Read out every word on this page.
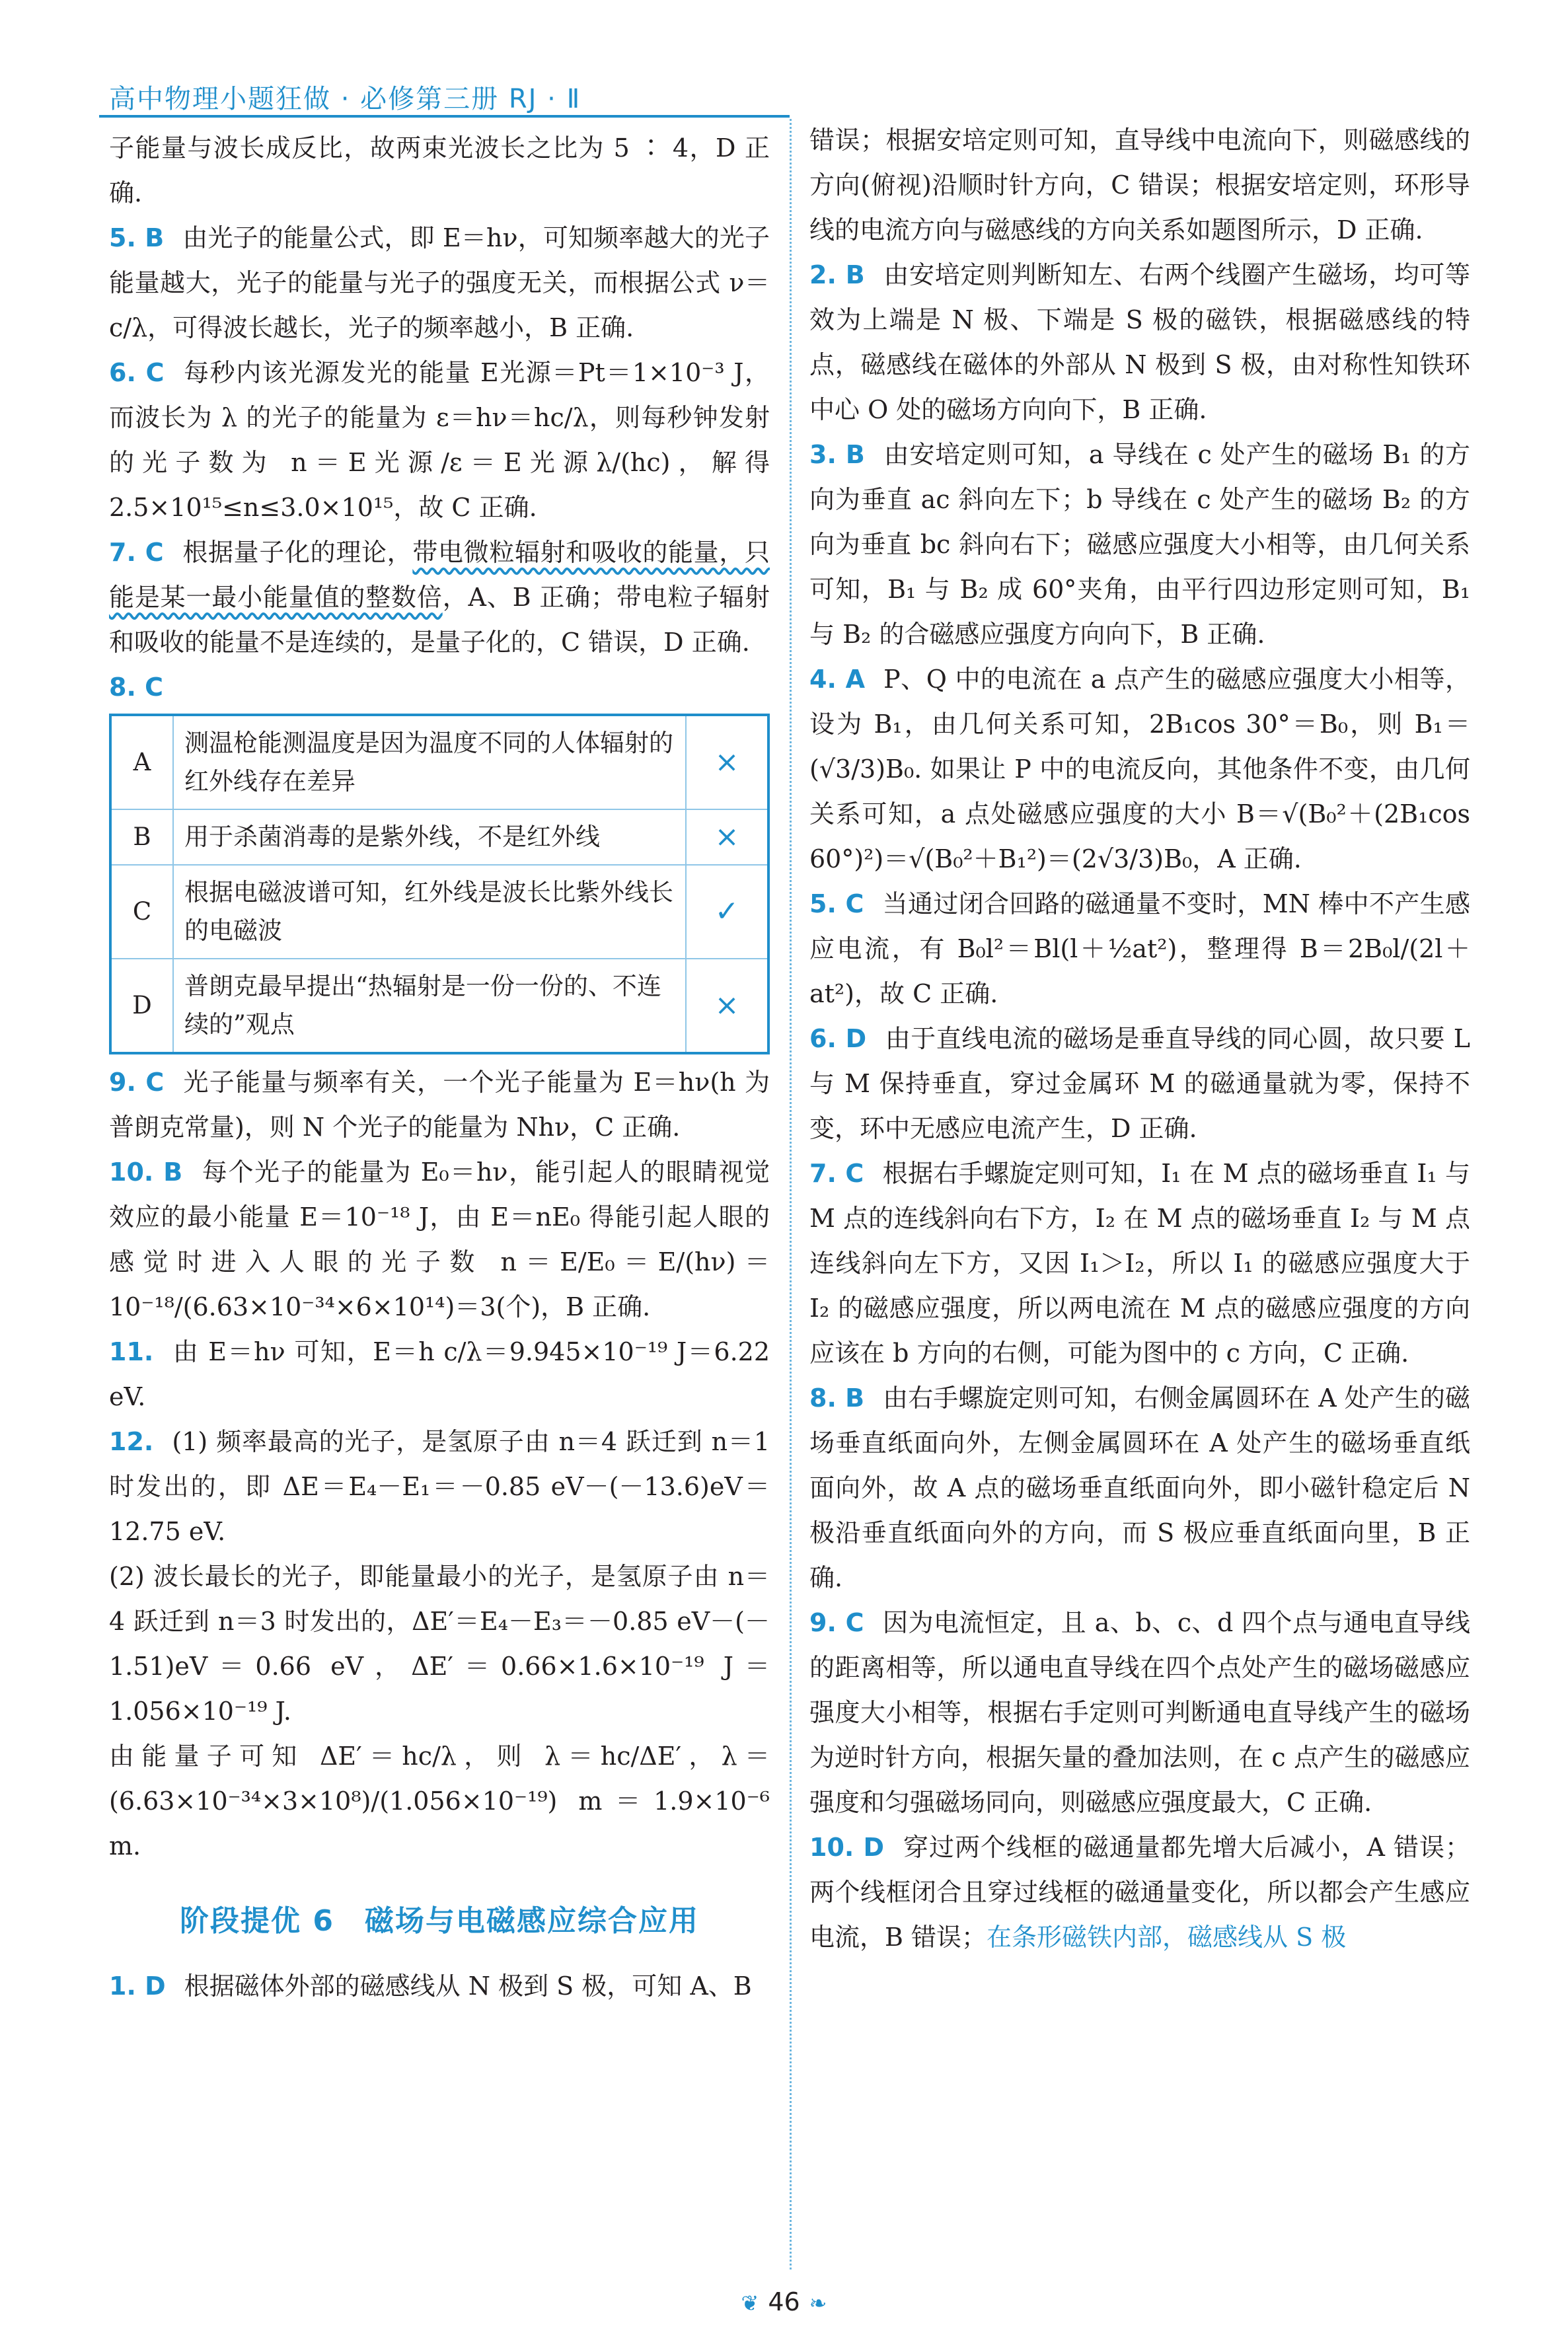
高中物理小题狂做 · 必修第三册 RJ · Ⅱ

子能量与波长成反比，故两束光波长之比为 5 ∶ 4，D 正确.

5. B 由光子的能量公式，即 E＝hν，可知频率越大的光子能量越大，光子的能量与光子的强度无关，而根据公式 ν＝c/λ，可得波长越长，光子的频率越小，B 正确.

6. C 每秒内该光源发光的能量 E光源＝Pt＝1×10⁻³ J，而波长为 λ 的光子的能量为 ε＝hν＝hc/λ，则每秒钟发射的光子数为 n＝E光源/ε＝E光源λ/(hc)，解得 2.5×10¹⁵≤n≤3.0×10¹⁵，故 C 正确.

7. C 根据量子化的理论，带电微粒辐射和吸收的能量，只能是某一最小能量值的整数倍，A、B 正确；带电粒子辐射和吸收的能量不是连续的，是量子化的，C 错误，D 正确.

8. C

A	测温枪能测温度是因为温度不同的人体辐射的红外线存在差异	×
B	用于杀菌消毒的是紫外线，不是红外线	×
C	根据电磁波谱可知，红外线是波长比紫外线长的电磁波	✓
D	普朗克最早提出“热辐射是一份一份的、不连续的”观点	×

9. C 光子能量与频率有关，一个光子能量为 E＝hν(h 为普朗克常量)，则 N 个光子的能量为 Nhν，C 正确.

10. B 每个光子的能量为 E₀＝hν，能引起人的眼睛视觉效应的最小能量 E＝10⁻¹⁸ J，由 E＝nE₀ 得能引起人眼的感觉时进入人眼的光子数 n＝E/E₀＝E/(hν)＝10⁻¹⁸/(6.63×10⁻³⁴×6×10¹⁴)＝3(个)，B 正确.

11. 由 E＝hν 可知，E＝h c/λ＝9.945×10⁻¹⁹ J＝6.22 eV.

12. (1) 频率最高的光子，是氢原子由 n＝4 跃迁到 n＝1 时发出的，即 ΔE＝E₄－E₁＝－0.85 eV－(－13.6)eV＝12.75 eV.

(2) 波长最长的光子，即能量最小的光子，是氢原子由 n＝4 跃迁到 n＝3 时发出的，ΔE′＝E₄－E₃＝－0.85 eV－(－1.51)eV＝0.66 eV，ΔE′＝0.66×1.6×10⁻¹⁹ J＝1.056×10⁻¹⁹ J.

由能量子可知 ΔE′＝hc/λ，则 λ＝hc/ΔE′，λ＝(6.63×10⁻³⁴×3×10⁸)/(1.056×10⁻¹⁹) m＝1.9×10⁻⁶ m.

阶段提优 6　磁场与电磁感应综合应用

1. D 根据磁体外部的磁感线从 N 极到 S 极，可知 A、B

错误；根据安培定则可知，直导线中电流向下，则磁感线的方向(俯视)沿顺时针方向，C 错误；根据安培定则，环形导线的电流方向与磁感线的方向关系如题图所示，D 正确.

2. B 由安培定则判断知左、右两个线圈产生磁场，均可等效为上端是 N 极、下端是 S 极的磁铁，根据磁感线的特点，磁感线在磁体的外部从 N 极到 S 极，由对称性知铁环中心 O 处的磁场方向向下，B 正确.

3. B 由安培定则可知，a 导线在 c 处产生的磁场 B₁ 的方向为垂直 ac 斜向左下；b 导线在 c 处产生的磁场 B₂ 的方向为垂直 bc 斜向右下；磁感应强度大小相等，由几何关系可知，B₁ 与 B₂ 成 60°夹角，由平行四边形定则可知，B₁ 与 B₂ 的合磁感应强度方向向下，B 正确.

4. A P、Q 中的电流在 a 点产生的磁感应强度大小相等，设为 B₁，由几何关系可知，2B₁cos 30°＝B₀，则 B₁＝(√3/3)B₀. 如果让 P 中的电流反向，其他条件不变，由几何关系可知，a 点处磁感应强度的大小 B＝√(B₀²＋(2B₁cos 60°)²)＝√(B₀²＋B₁²)＝(2√3/3)B₀，A 正确.

5. C 当通过闭合回路的磁通量不变时，MN 棒中不产生感应电流，有 B₀l²＝Bl(l＋½at²)，整理得 B＝2B₀l/(2l＋at²)，故 C 正确.

6. D 由于直线电流的磁场是垂直导线的同心圆，故只要 L 与 M 保持垂直，穿过金属环 M 的磁通量就为零，保持不变，环中无感应电流产生，D 正确.

7. C 根据右手螺旋定则可知，I₁ 在 M 点的磁场垂直 I₁ 与 M 点的连线斜向右下方，I₂ 在 M 点的磁场垂直 I₂ 与 M 点连线斜向左下方，又因 I₁＞I₂，所以 I₁ 的磁感应强度大于 I₂ 的磁感应强度，所以两电流在 M 点的磁感应强度的方向应该在 b 方向的右侧，可能为图中的 c 方向，C 正确.

8. B 由右手螺旋定则可知，右侧金属圆环在 A 处产生的磁场垂直纸面向外，左侧金属圆环在 A 处产生的磁场垂直纸面向外，故 A 点的磁场垂直纸面向外，即小磁针稳定后 N 极沿垂直纸面向外的方向，而 S 极应垂直纸面向里，B 正确.

9. C 因为电流恒定，且 a、b、c、d 四个点与通电直导线的距离相等，所以通电直导线在四个点处产生的磁场磁感应强度大小相等，根据右手定则可判断通电直导线产生的磁场为逆时针方向，根据矢量的叠加法则，在 c 点产生的磁感应强度和匀强磁场同向，则磁感应强度最大，C 正确.

10. D 穿过两个线框的磁通量都先增大后减小，A 错误；两个线框闭合且穿过线框的磁通量变化，所以都会产生感应电流，B 错误；在条形磁铁内部，磁感线从 S 极

❦ 46 ❧
